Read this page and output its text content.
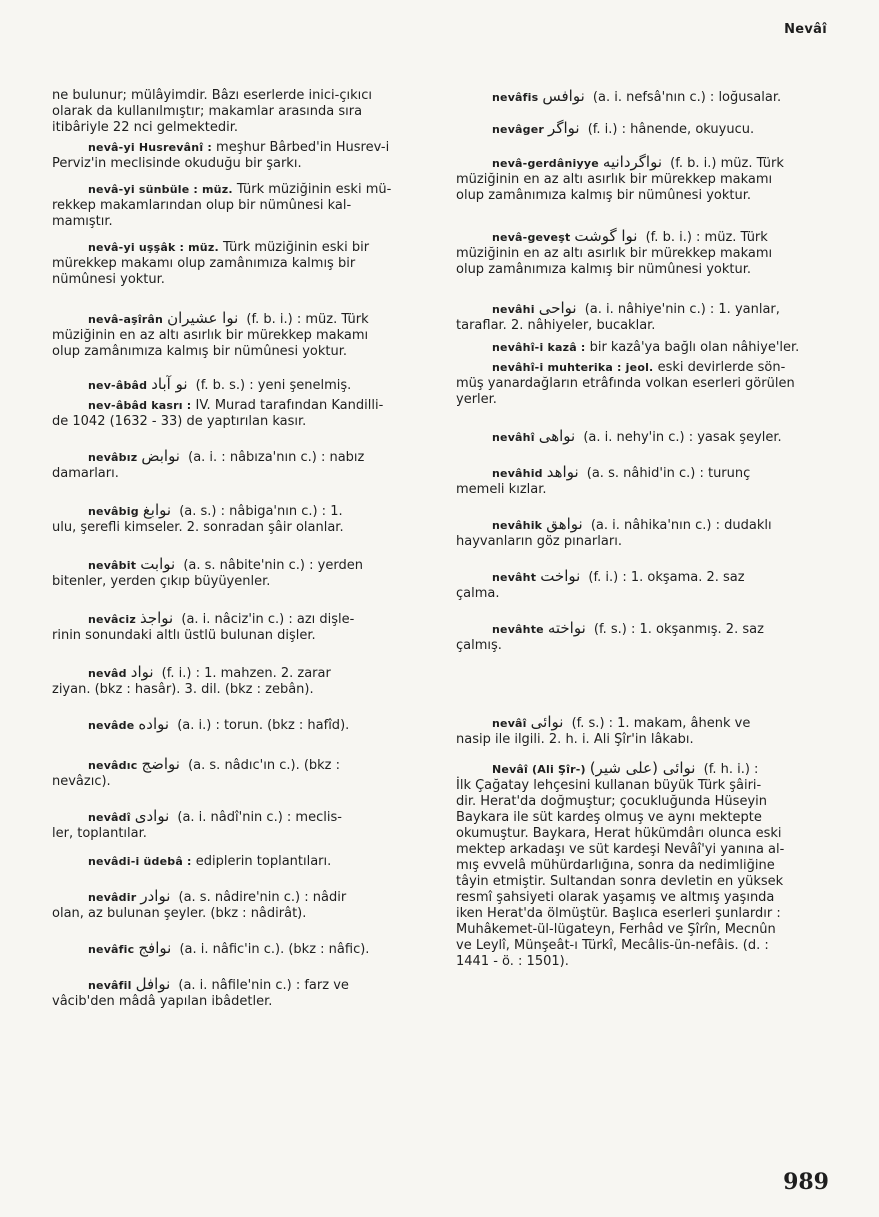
Nevâî

ne bulunur; mülâyimdir. Bâzı eserlerde inici-çıkıcı

olarak da kullanılmıştır; makamlar arasında sıra

itibâriyle 22 nci gelmektedir.

nevâ-yi Husrevânî : meşhur Bârbed'in Husrev-i

Perviz'in meclisinde okuduğu bir şarkı.

nevâ-yi sünbüle : müz. Türk müziğinin eski mü-

rekkep makamlarından olup bir nümûnesi kal-

mamıştır.

nevâ-yi uşşâk : müz. Türk müziğinin eski bir

mürekkep makamı olup zamânımıza kalmış bir

nümûnesi yoktur.

nevâ-aşîrân نوا عشيران (f. b. i.) : müz. Türk

müziğinin en az altı asırlık bir mürekkep makamı

olup zamânımıza kalmış bir nümûnesi yoktur.

nev-âbâd نو آباد (f. b. s.) : yeni şenelmiş.

nev-âbâd kasrı : IV. Murad tarafından Kandilli-

de 1042 (1632 - 33) de yaptırılan kasır.

nevâbız نوابض (a. i. : nâbıza'nın c.) : nabız

damarları.

nevâbig نوابغ (a. s.) : nâbiga'nın c.) : 1.

ulu, şerefli kimseler. 2. sonradan şâir olanlar.

nevâbit نوابت (a. s. nâbite'nin c.) : yerden

bitenler, yerden çıkıp büyüyenler.

nevâciz نواجذ (a. i. nâciz'in c.) : azı dişle-

rinin sonundaki altlı üstlü bulunan dişler.

nevâd نواد (f. i.) : 1. mahzen. 2. zarar

ziyan. (bkz : hasâr). 3. dil. (bkz : zebân).

nevâde نواده (a. i.) : torun. (bkz : hafîd).

nevâdıc نواضج (a. s. nâdıc'ın c.). (bkz :

nevâzıc).

nevâdî نوادى (a. i. nâdî'nin c.) : meclis-

ler, toplantılar.

nevâdi-i üdebâ : ediplerin toplantıları.

nevâdir نوادر (a. s. nâdire'nin c.) : nâdir

olan, az bulunan şeyler. (bkz : nâdirât).

nevâfic نوافج (a. i. nâfic'in c.). (bkz : nâfic).

nevâfil نوافل (a. i. nâfile'nin c.) : farz ve

vâcib'den mâdâ yapılan ibâdetler.

nevâfis نوافس (a. i. nefsâ'nın c.) : loğusalar.

nevâger نواگر (f. i.) : hânende, okuyucu.

nevâ-gerdâniyye نواگردانيه (f. b. i.) müz. Türk

müziğinin en az altı asırlık bir mürekkep makamı

olup zamânımıza kalmış bir nümûnesi yoktur.

nevâ-geveşt نوا گوشت (f. b. i.) : müz. Türk

müziğinin en az altı asırlık bir mürekkep makamı

olup zamânımıza kalmış bir nümûnesi yoktur.

nevâhi نواحى (a. i. nâhiye'nin c.) : 1. yanlar,

taraflar. 2. nâhiyeler, bucaklar.

nevâhî-i kazâ : bir kazâ'ya bağlı olan nâhiye'ler.

nevâhî-i muhterika : jeol. eski devirlerde sön-

müş yanardağların etrâfında volkan eserleri görülen

yerler.

nevâhî نواهى (a. i. nehy'in c.) : yasak şeyler.

nevâhid نواهد (a. s. nâhid'in c.) : turunç

memeli kızlar.

nevâhik نواهق (a. i. nâhika'nın c.) : dudaklı

hayvanların göz pınarları.

nevâht نواخت (f. i.) : 1. okşama. 2. saz

çalma.

nevâhte نواخته (f. s.) : 1. okşanmış. 2. saz

çalmış.

nevâî نوائى (f. s.) : 1. makam, âhenk ve

nasip ile ilgili. 2. h. i. Ali Şîr'in lâkabı.

Nevâî (Ali Şîr-) نوائى (على شير) (f. h. i.) :

İlk Çağatay lehçesini kullanan büyük Türk şâiri-

dir. Herat'da doğmuştur; çocukluğunda Hüseyin

Baykara ile süt kardeş olmuş ve aynı mektepte

okumuştur. Baykara, Herat hükümdârı olunca eski

mektep arkadaşı ve süt kardeşi Nevâî'yi yanına al-

mış evvelâ mühürdarlığına, sonra da nedimliğine

tâyin etmiştir. Sultandan sonra devletin en yüksek

resmî şahsiyeti olarak yaşamış ve altmış yaşında

iken Herat'da ölmüştür. Başlıca eserleri şunlardır :

Muhâkemet-ül-lügateyn, Ferhâd ve Şîrîn, Mecnûn

ve Leylî, Münşeât-ı Türkî, Mecâlis-ün-nefâis. (d. :

1441 - ö. : 1501).

989
